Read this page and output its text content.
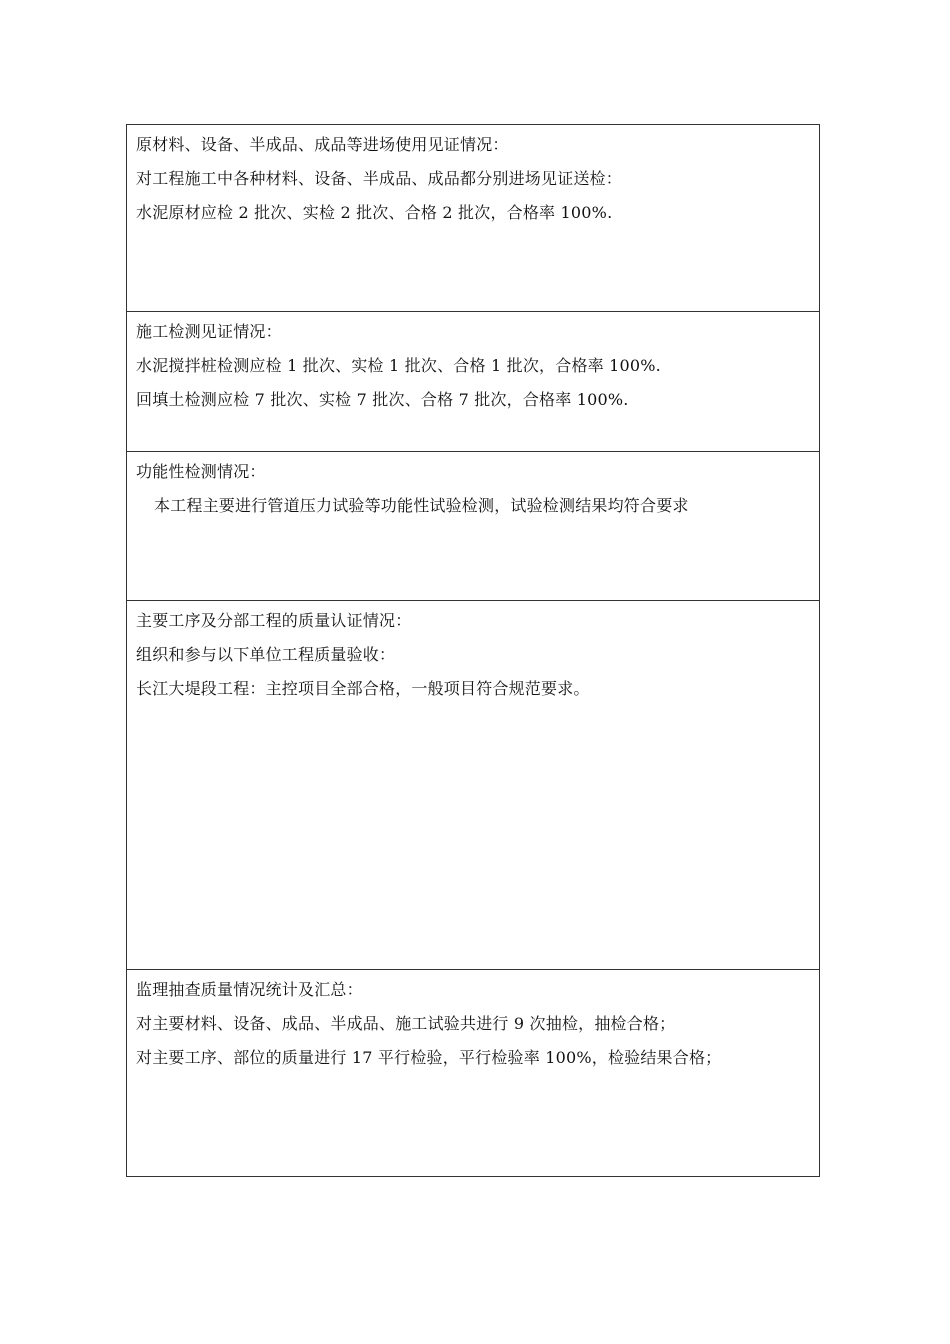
原材料、设备、半成品、成品等进场使用见证情况：
对工程施工中各种材料、设备、半成品、成品都分别进场见证送检：
水泥原材应检 2 批次、实检 2 批次、合格 2 批次，合格率 100%.
施工检测见证情况：
水泥搅拌桩检测应检 1 批次、实检 1 批次、合格 1 批次，合格率 100%.
回填土检测应检 7 批次、实检 7 批次、合格 7 批次，合格率 100%.
功能性检测情况：
本工程主要进行管道压力试验等功能性试验检测，试验检测结果均符合要求
主要工序及分部工程的质量认证情况：
组织和参与以下单位工程质量验收：
长江大堤段工程：主控项目全部合格，一般项目符合规范要求。
监理抽查质量情况统计及汇总：
对主要材料、设备、成品、半成品、施工试验共进行 9 次抽检，抽检合格；
对主要工序、部位的质量进行 17 平行检验，平行检验率 100%，检验结果合格；
